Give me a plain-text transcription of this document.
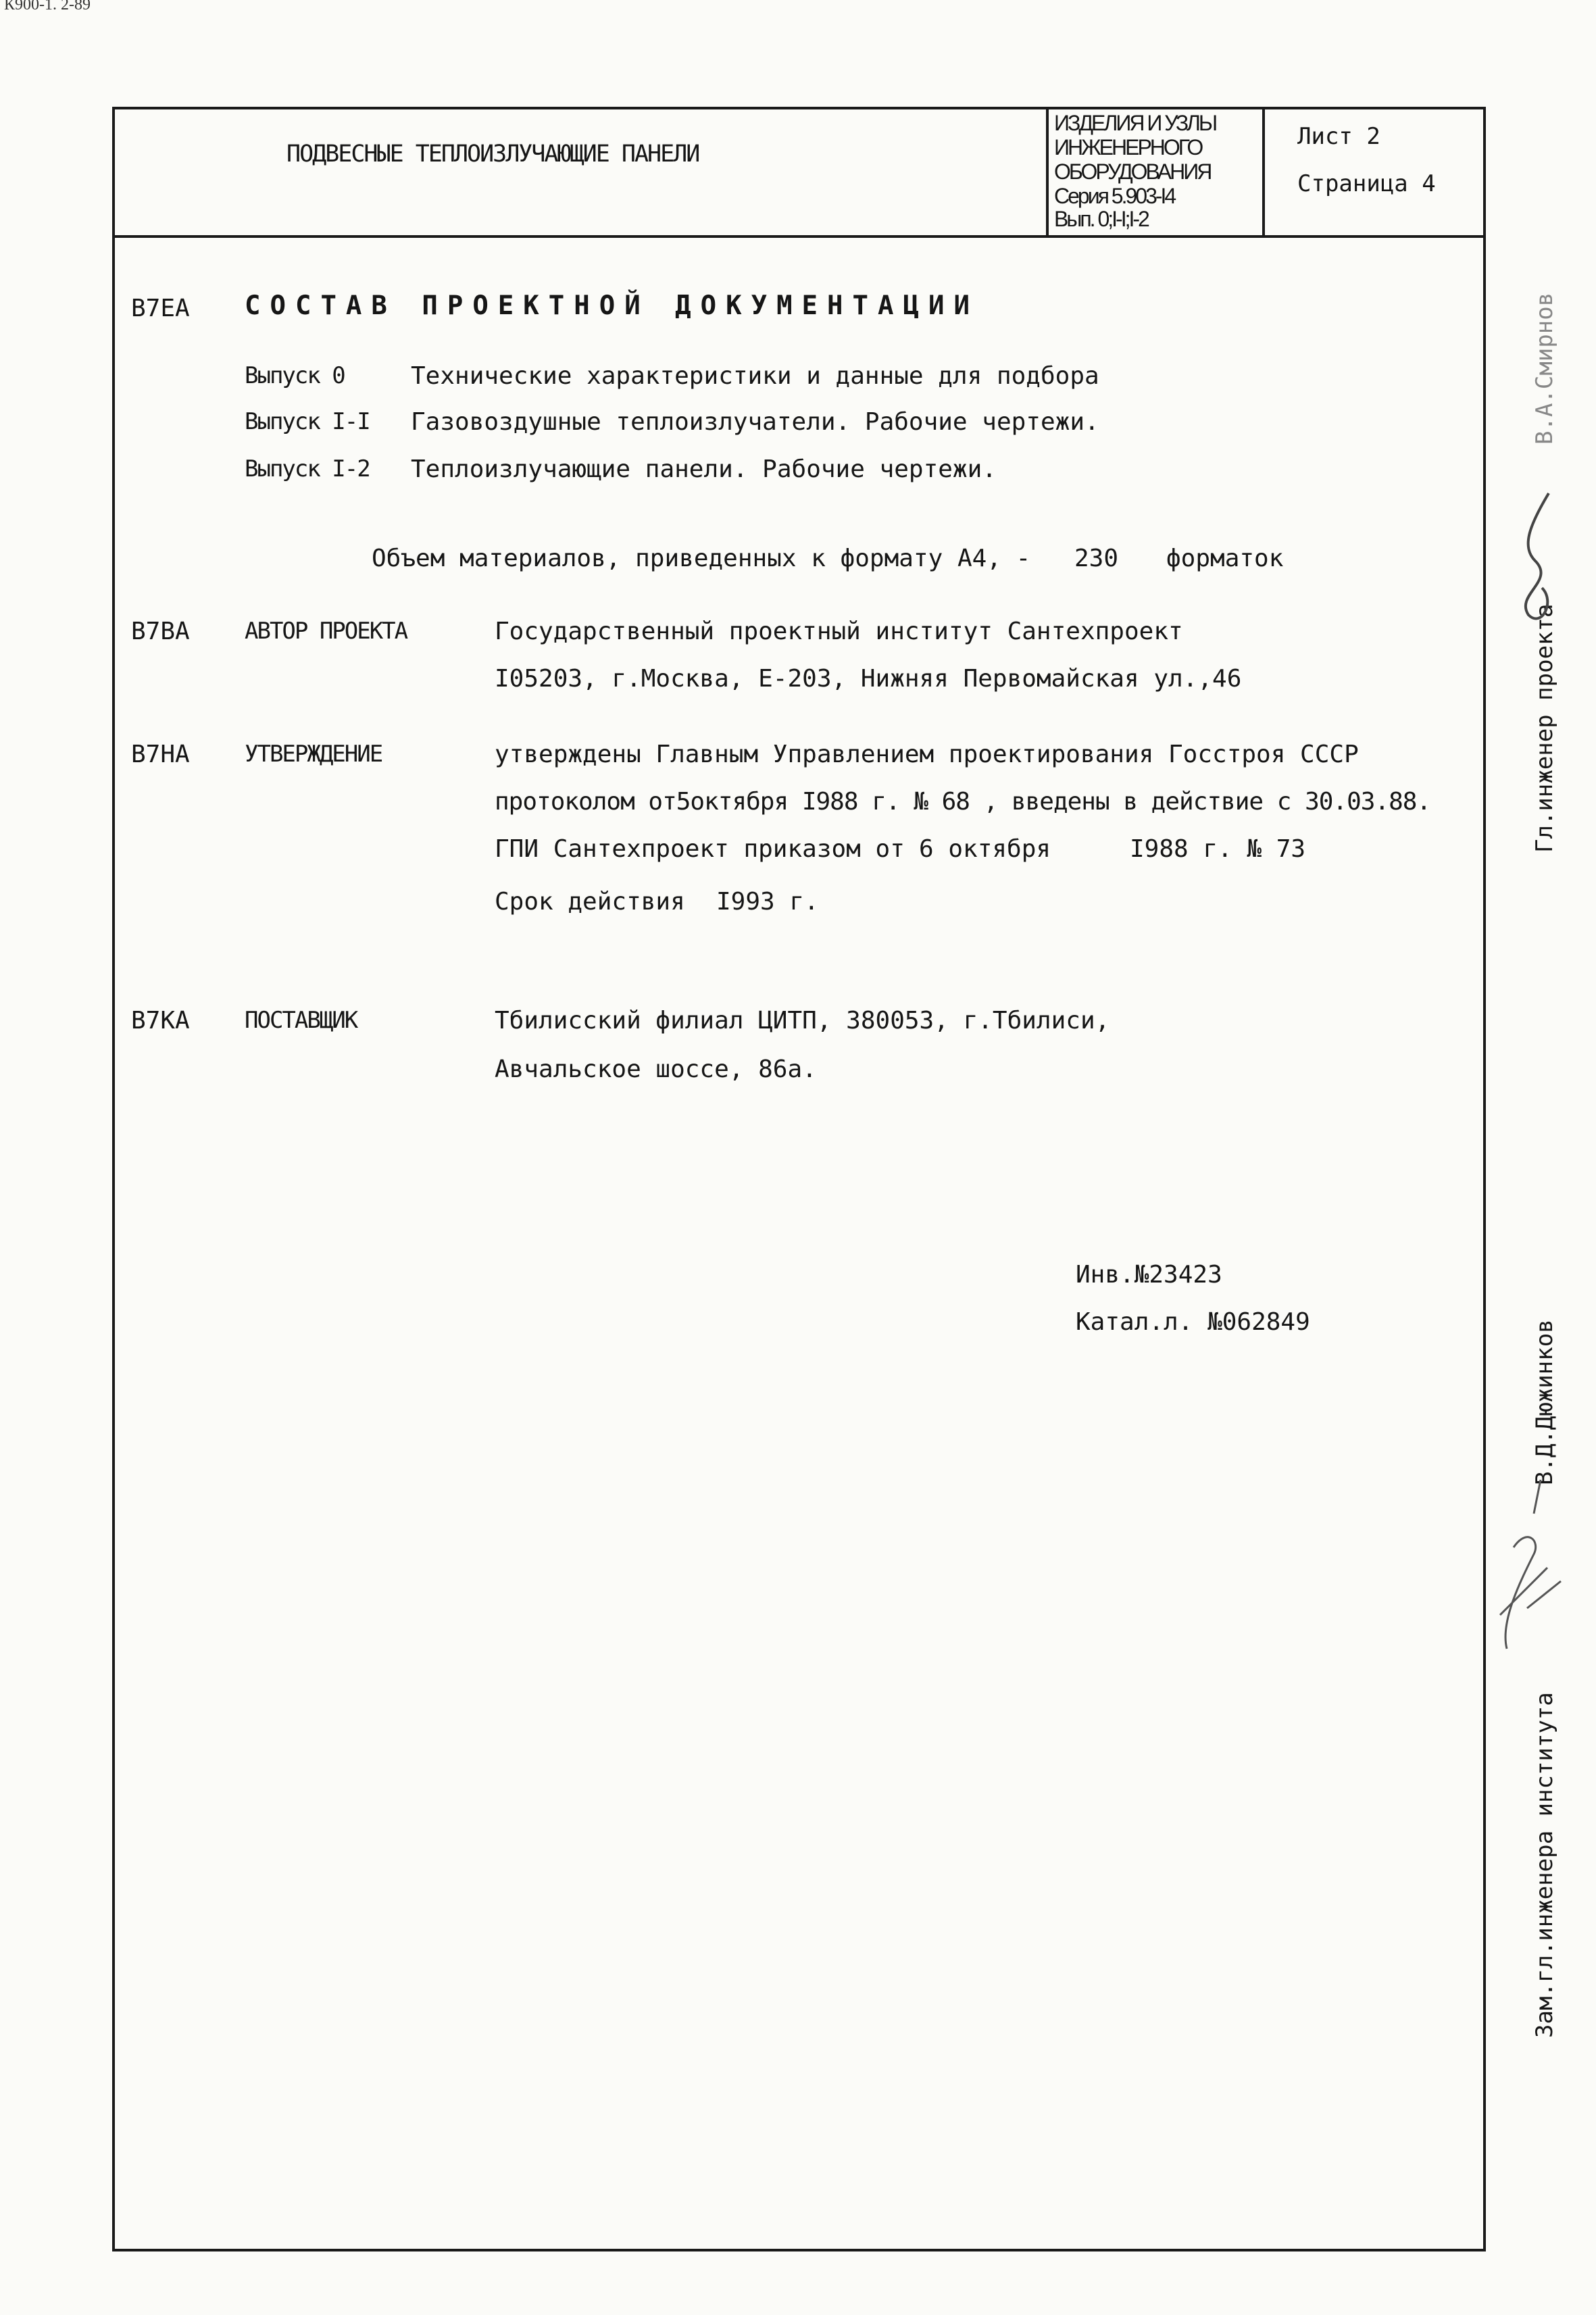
К900-1. 2-89
ПОДВЕСНЫЕ ТЕПЛОИЗЛУЧАЮЩИЕ ПАНЕЛИ
ИЗДЕЛИЯ И УЗЛЫ
ИНЖЕНЕРНОГО
ОБОРУДОВАНИЯ
Серия 5.903-I4
Вып. 0;I-I;I-2
Лист 2
Страница 4
B7EA СОСТАВ ПРОЕКТНОЙ ДОКУМЕНТАЦИИ
Выпуск 0	Технические характеристики и данные для подбора
Выпуск I-I Газовоздушные теплоизлучатели. Рабочие чертежи.
Выпуск I-2 Теплоизлучающие панели. Рабочие чертежи.
Объем материалов, приведенных к формату А4, - 230 форматок
B7BA АВТОР ПРОЕКТА	Государственный проектный институт Сантехпроект
I05203, г.Москва, Е-203, Нижняя Первомайская ул.,46
B7HA УТВЕРЖДЕНИЕ	утверждены Главным Управлением проектирования Госстроя СССР
протоколом от5октября I988 г. № 68 , введены в действие с 30.03.88.
ГПИ Сантехпроект приказом от 6 октября	I988 г. № 73
Срок действия I993 г.
B7KA ПОСТАВЩИК	Тбилисский филиал ЦИТП, 380053, г.Тбилиси,
Авчальское шоссе, 86а.
Инв.№23423
Катал.л. №062849
Гл.инженер проекта
В.А.Смирнов
Зам.гл.инженера института
В.Д.Дюжинков
